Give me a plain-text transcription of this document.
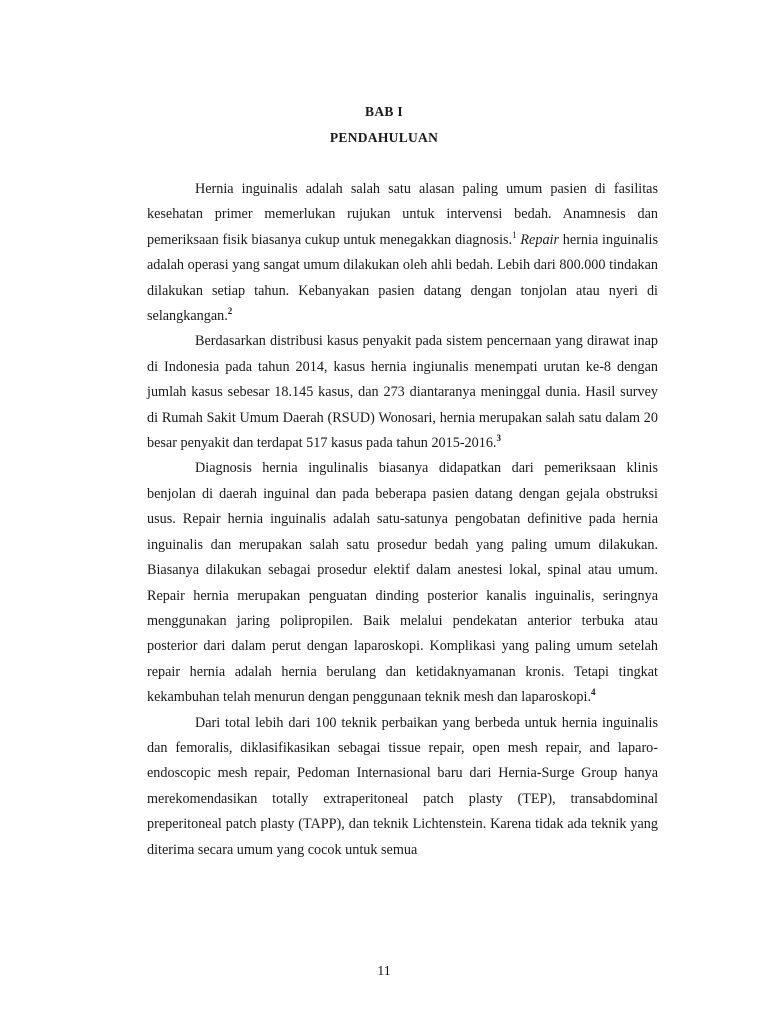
BAB I
PENDAHULUAN

Hernia inguinalis adalah salah satu alasan paling umum pasien di fasilitas kesehatan primer memerlukan rujukan untuk intervensi bedah. Anamnesis dan pemeriksaan fisik biasanya cukup untuk menegakkan diagnosis.$^1$ Repair hernia inguinalis adalah operasi yang sangat umum dilakukan oleh ahli bedah. Lebih dari 800.000 tindakan dilakukan setiap tahun. Kebanyakan pasien datang dengan tonjolan atau nyeri di selangkangan.$^2$

Berdasarkan distribusi kasus penyakit pada sistem pencernaan yang dirawat inap di Indonesia pada tahun 2014, kasus hernia ingiunalis menempati urutan ke-8 dengan jumlah kasus sebesar 18.145 kasus, dan 273 diantaranya meninggal dunia. Hasil survey di Rumah Sakit Umum Daerah (RSUD) Wonosari, hernia merupakan salah satu dalam 20 besar penyakit dan terdapat 517 kasus pada tahun 2015-2016.$^3$

Diagnosis hernia ingulinalis biasanya didapatkan dari pemeriksaan klinis benjolan di daerah inguinal dan pada beberapa pasien datang dengan gejala obstruksi usus. Repair hernia inguinalis adalah satu-satunya pengobatan definitive pada hernia inguinalis dan merupakan salah satu prosedur bedah yang paling umum dilakukan. Biasanya dilakukan sebagai prosedur elektif dalam anestesi lokal, spinal atau umum. Repair hernia merupakan penguatan dinding posterior kanalis inguinalis, seringnya menggunakan jaring polipropilen. Baik melalui pendekatan anterior terbuka atau posterior dari dalam perut dengan laparoskopi. Komplikasi yang paling umum setelah repair hernia adalah hernia berulang dan ketidaknyamanan kronis. Tetapi tingkat kekambuhan telah menurun dengan penggunaan teknik mesh dan laparoskopi.$^4$

Dari total lebih dari 100 teknik perbaikan yang berbeda untuk hernia inguinalis dan femoralis, diklasifikasikan sebagai tissue repair, open mesh repair, and laparo-endoscopic mesh repair, Pedoman Internasional baru dari Hernia-Surge Group hanya merekomendasikan totally extraperitoneal patch plasty (TEP), transabdominal preperitoneal patch plasty (TAPP), dan teknik Lichtenstein. Karena tidak ada teknik yang diterima secara umum yang cocok untuk semua

11
